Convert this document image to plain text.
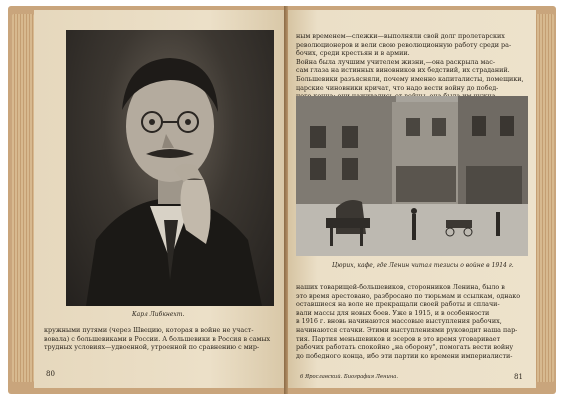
Карл Либкнехт.
кружными путями (через Швецию, которая в войне не участ-
вовала) с большевиками в России. А большевики в Россия в самых
трудных условиях—удвоенной, утроенной по сравнению с мир-
80
ным временем—слежки—выполняли свой долг пролетарских
революционеров и вели свою революционную работу среди ра-
бочих, среди крестьян и в армии.
Война была лучшим учителем жизни,—она раскрыла мас-
сам глаза на истинных виновников их бедствий, их страданий.
Большевики разъясняли, почему именно капиталисты, помещики,
царские чиновники кричат, что надо вести войну до побед-
Цюрих, кафе, где Ленин читал тезисы о войне в 1914 г.
наших товарищей-большевиков, сторонников Ленина, было в
это время арестовано, разбросано по тюрьмам и ссылкам, однако
оставшиеся на воле не прекращали своей работы и сплачи-
вали массы для новых боев. Уже в 1915, и в особенности
в 1916 г. вновь начинаются массовые выступления рабочих,
начинаются стачки. Этими выступлениями руководит наша пар-
тия. Партия меньшевиков и эсеров в это время уговаривает
рабочих работать спокойно „на оборону", помогать вести войну
до победного конца, ибо эти партии ко времени империалисти-
6 Ярославский. Биография Ленина.	81
